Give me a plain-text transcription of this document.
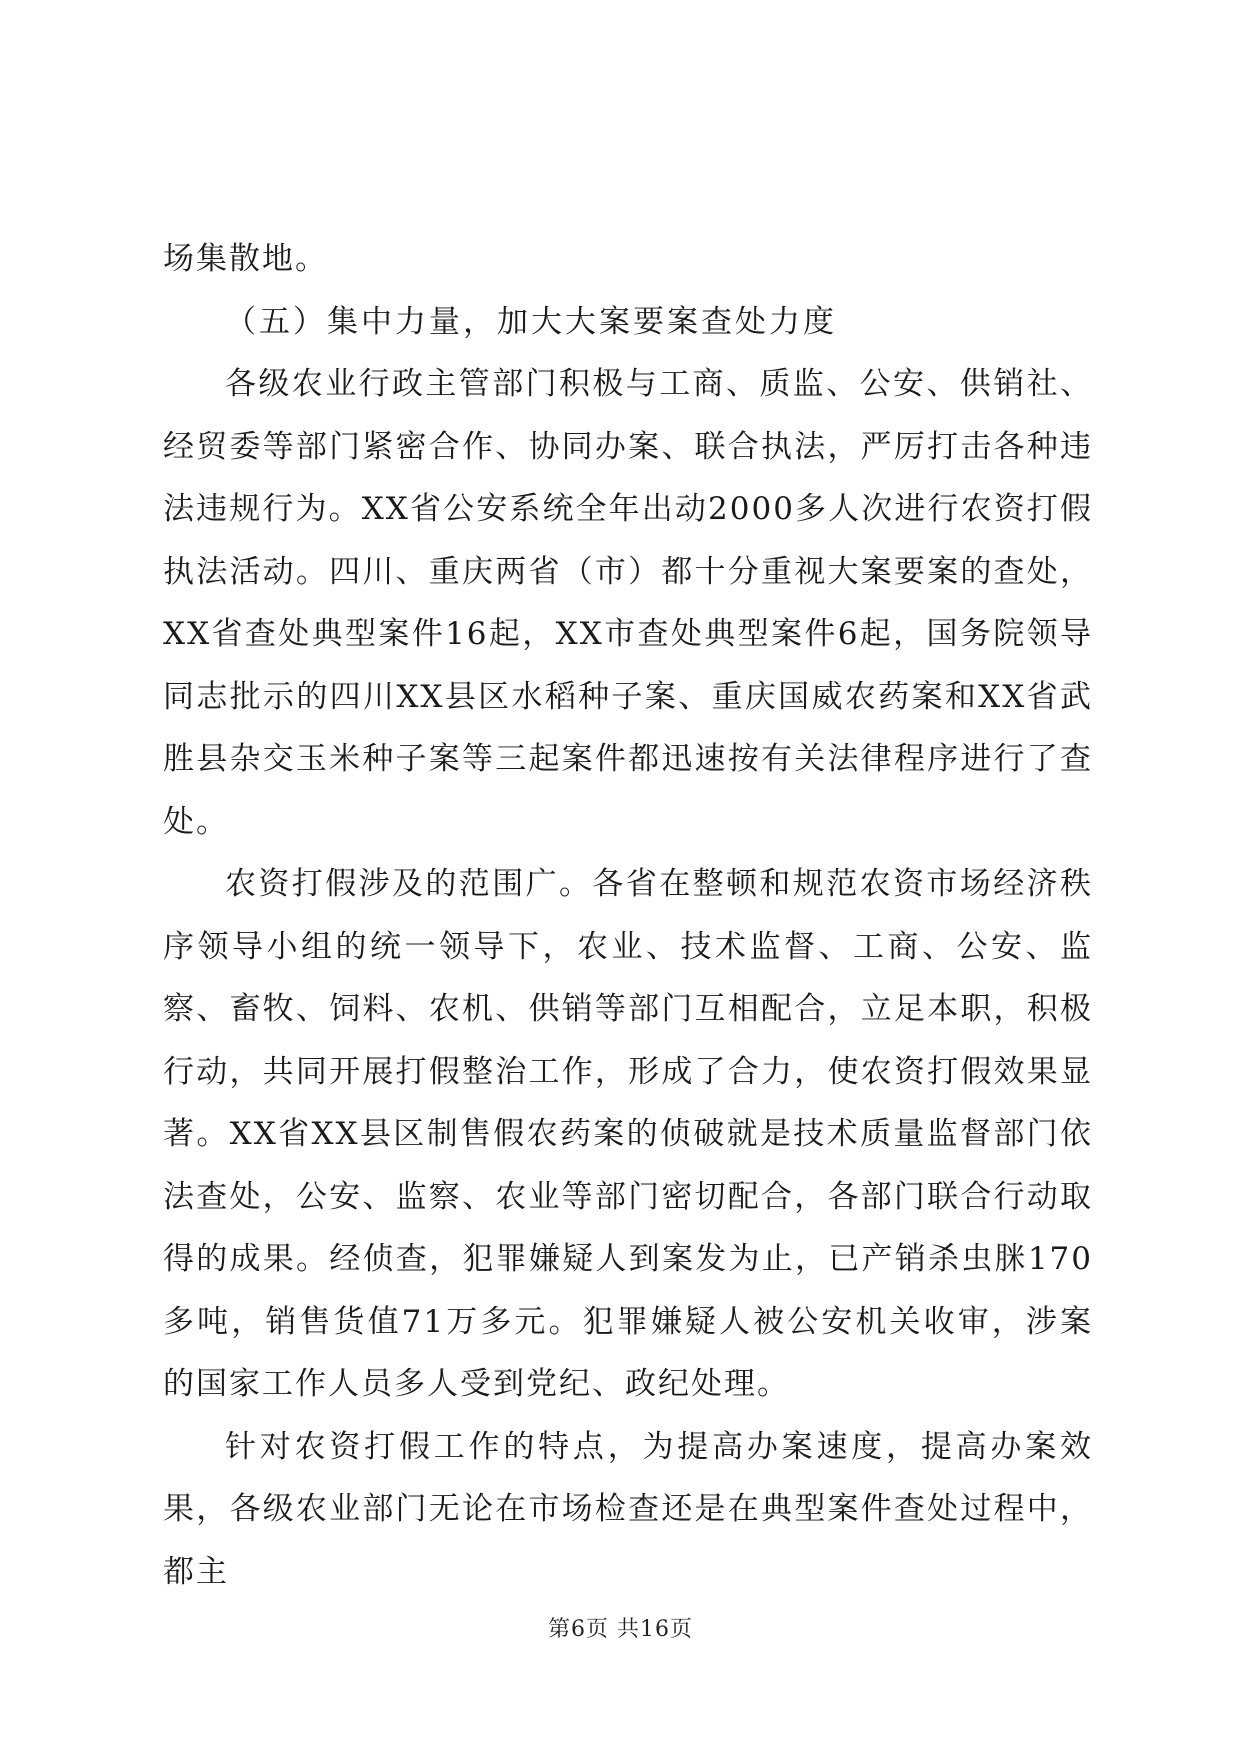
场集散地。

（五）集中力量，加大大案要案查处力度

各级农业行政主管部门积极与工商、质监、公安、供销社、经贸委等部门紧密合作、协同办案、联合执法，严厉打击各种违法违规行为。XX省公安系统全年出动2000多人次进行农资打假执法活动。四川、重庆两省（市）都十分重视大案要案的查处，XX省查处典型案件16起，XX市查处典型案件6起，国务院领导同志批示的四川XX县区水稻种子案、重庆国威农药案和XX省武胜县杂交玉米种子案等三起案件都迅速按有关法律程序进行了查处。

农资打假涉及的范围广。各省在整顿和规范农资市场经济秩序领导小组的统一领导下，农业、技术监督、工商、公安、监察、畜牧、饲料、农机、供销等部门互相配合，立足本职，积极行动，共同开展打假整治工作，形成了合力，使农资打假效果显著。XX省XX县区制售假农药案的侦破就是技术质量监督部门依法查处，公安、监察、农业等部门密切配合，各部门联合行动取得的成果。经侦查，犯罪嫌疑人到案发为止，已产销杀虫脒170多吨，销售货值71万多元。犯罪嫌疑人被公安机关收审，涉案的国家工作人员多人受到党纪、政纪处理。

针对农资打假工作的特点，为提高办案速度，提高办案效果，各级农业部门无论在市场检查还是在典型案件查处过程中，都主

第6页 共16页
